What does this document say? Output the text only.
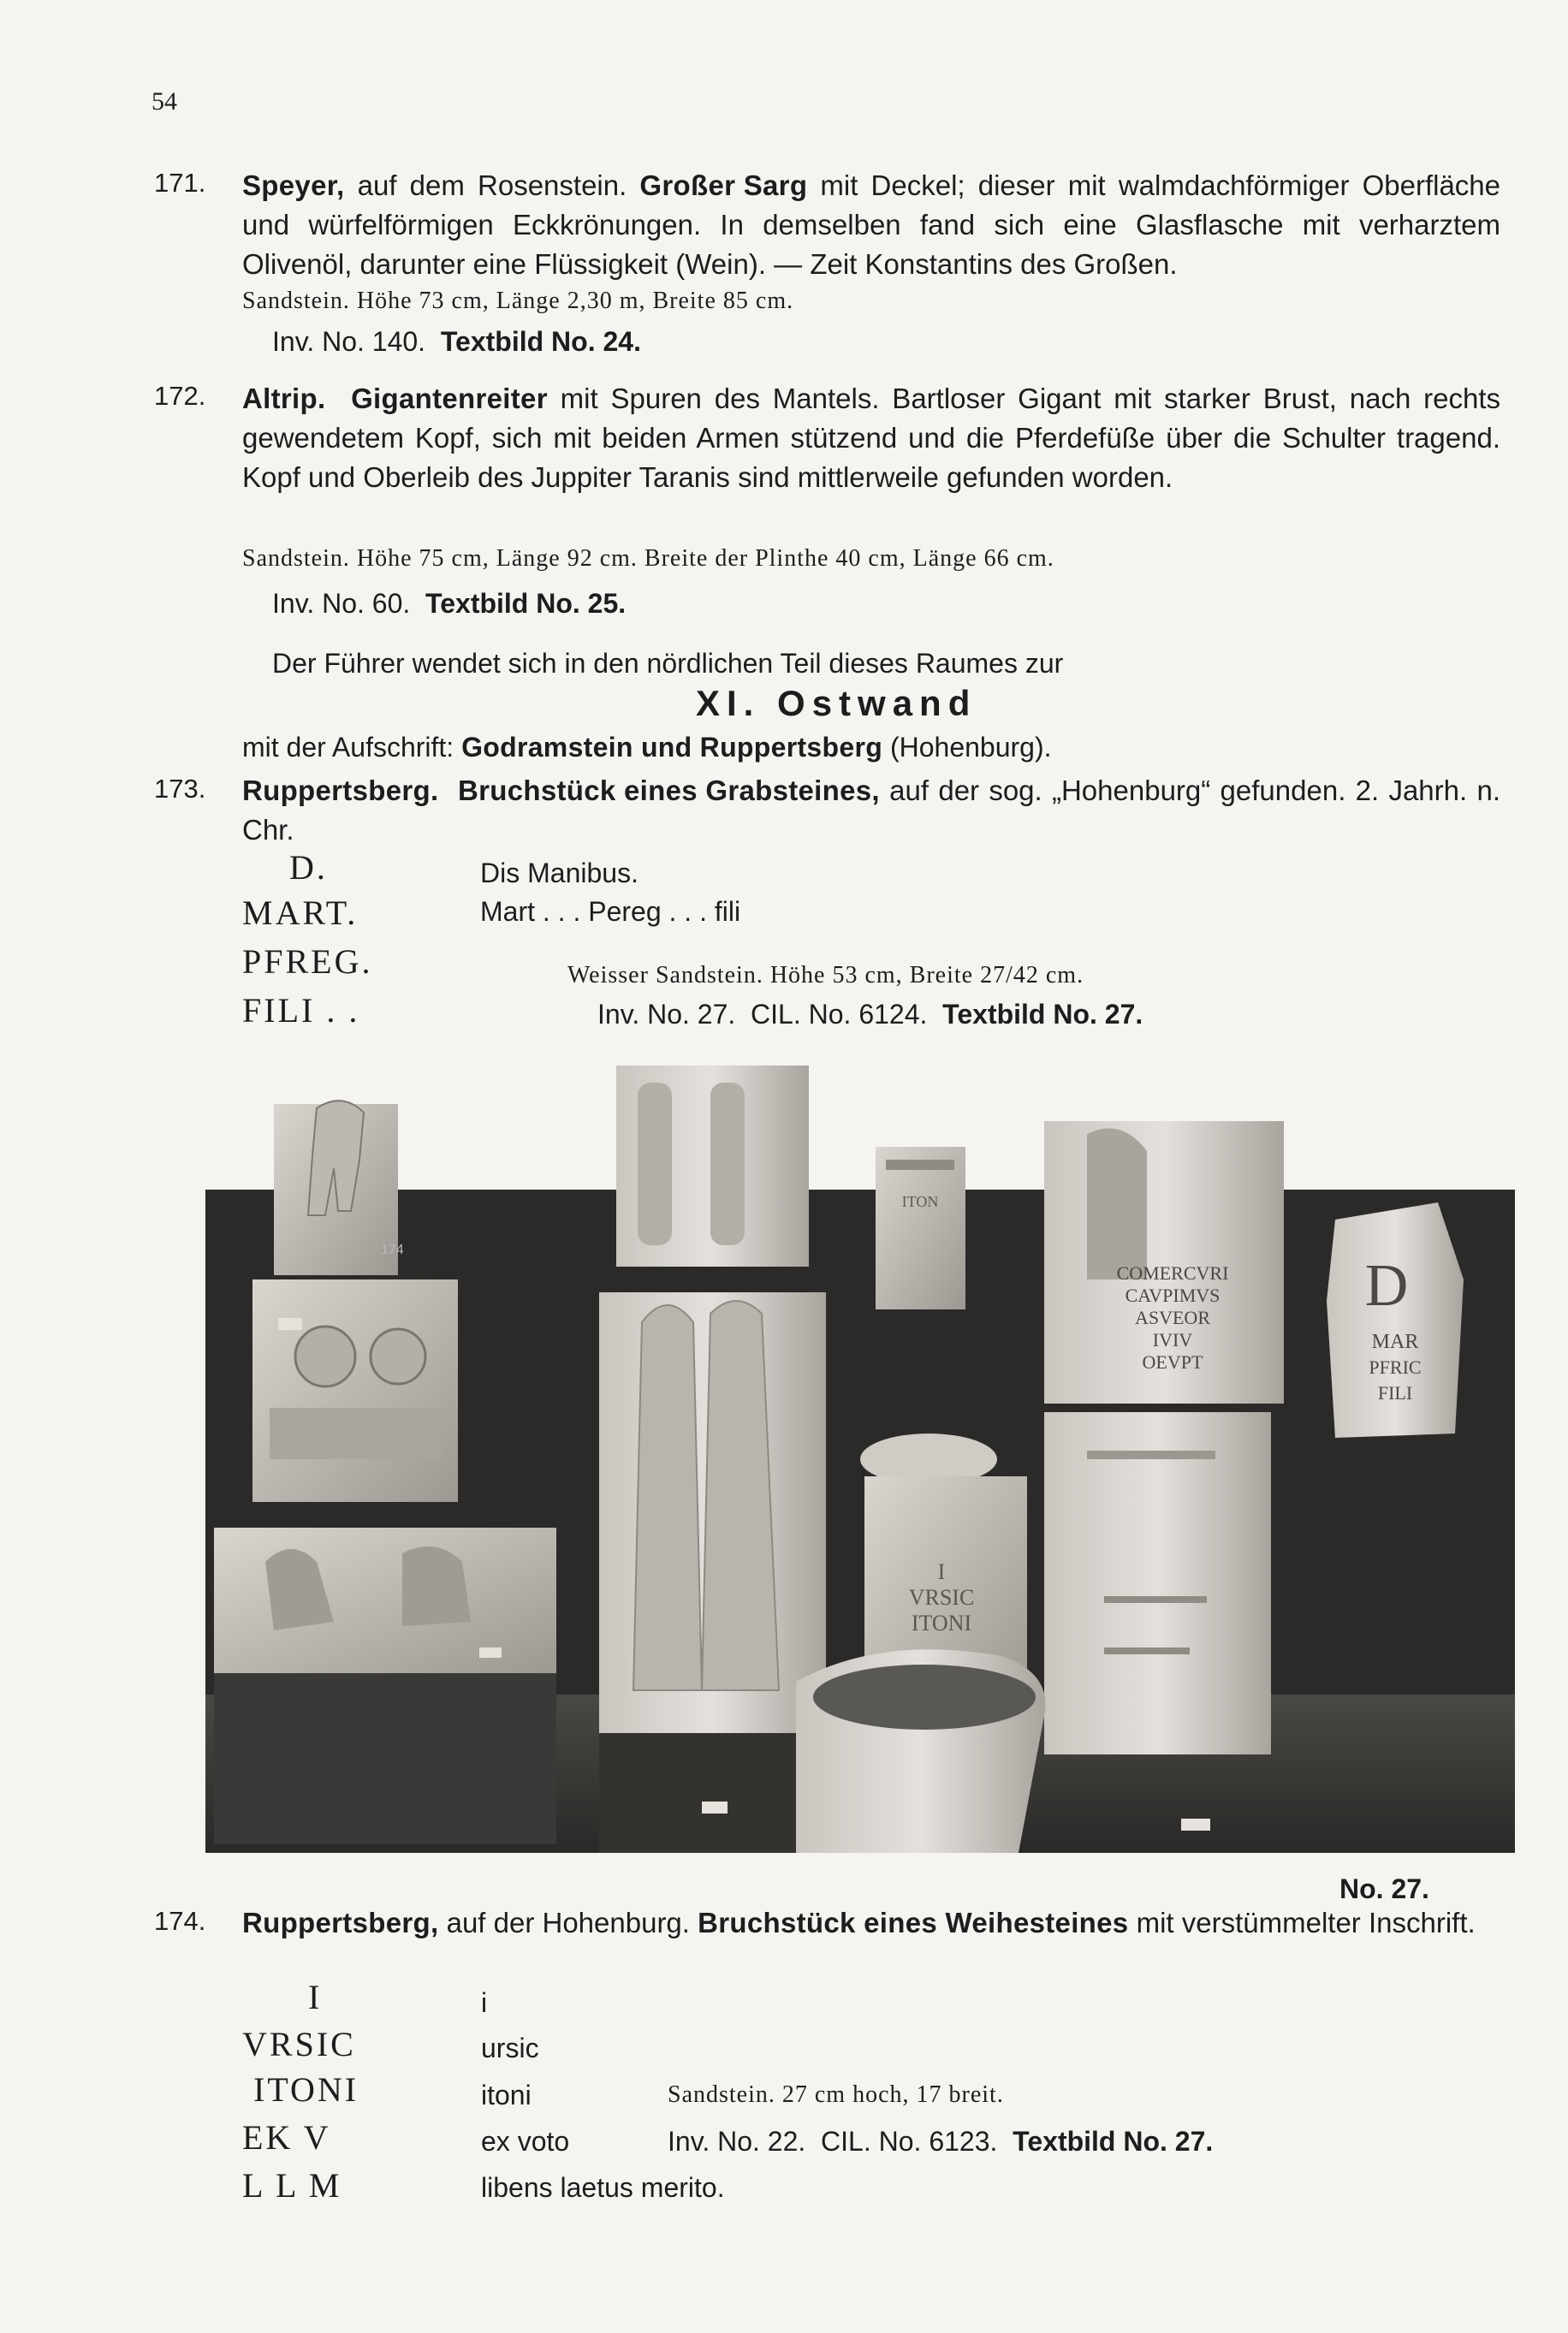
54
171. Speyer, auf dem Rosenstein. Großer Sarg mit Deckel; dieser mit walmdachförmiger Oberfläche und würfelförmigen Eckkrönungen. In demselben fand sich eine Glasflasche mit verharztem Olivenöl, darunter eine Flüssigkeit (Wein). — Zeit Konstantins des Großen.
Sandstein. Höhe 73 cm, Länge 2,30 m, Breite 85 cm.
Inv. No. 140. Textbild No. 24.
172. Altrip. Gigantenreiter mit Spuren des Mantels. Bartloser Gigant mit starker Brust, nach rechts gewendetem Kopf, sich mit beiden Armen stützend und die Pferdefüße über die Schulter tragend. Kopf und Oberleib des Juppiter Taranis sind mittlerweile gefunden worden.
Sandstein. Höhe 75 cm, Länge 92 cm. Breite der Plinthe 40 cm, Länge 66 cm.
Inv. No. 60. Textbild No. 25.
Der Führer wendet sich in den nördlichen Teil dieses Raumes zur
XI. Ostwand
mit der Aufschrift: Godramstein und Ruppertsberg (Hohenburg).
173. Ruppertsberg. Bruchstück eines Grabsteines, auf der sog. „Hohenburg“ gefunden. 2. Jahrh. n. Chr.
D.
MART.
PFREG.
FILI . .
Dis Manibus.
Mart . . . Pereg . . . fili
Weisser Sandstein. Höhe 53 cm, Breite 27/42 cm.
Inv. No. 27. CIL. No. 6124. Textbild No. 27.
ITON
COMERCVRI
CAVPIMVS
ASVEOR
IVIV
OEVPT
D
MAR
PFRIC
FILI
I
VRSIC
ITONI
174
No. 27.
174. Ruppertsberg, auf der Hohenburg. Bruchstück eines Weihesteines mit verstümmelter Inschrift.
I
VRSIC
ITONI
EK V
L L M
i
ursic
itoni
ex voto
libens laetus merito.
Sandstein. 27 cm hoch, 17 breit.
Inv. No. 22. CIL. No. 6123. Textbild No. 27.
